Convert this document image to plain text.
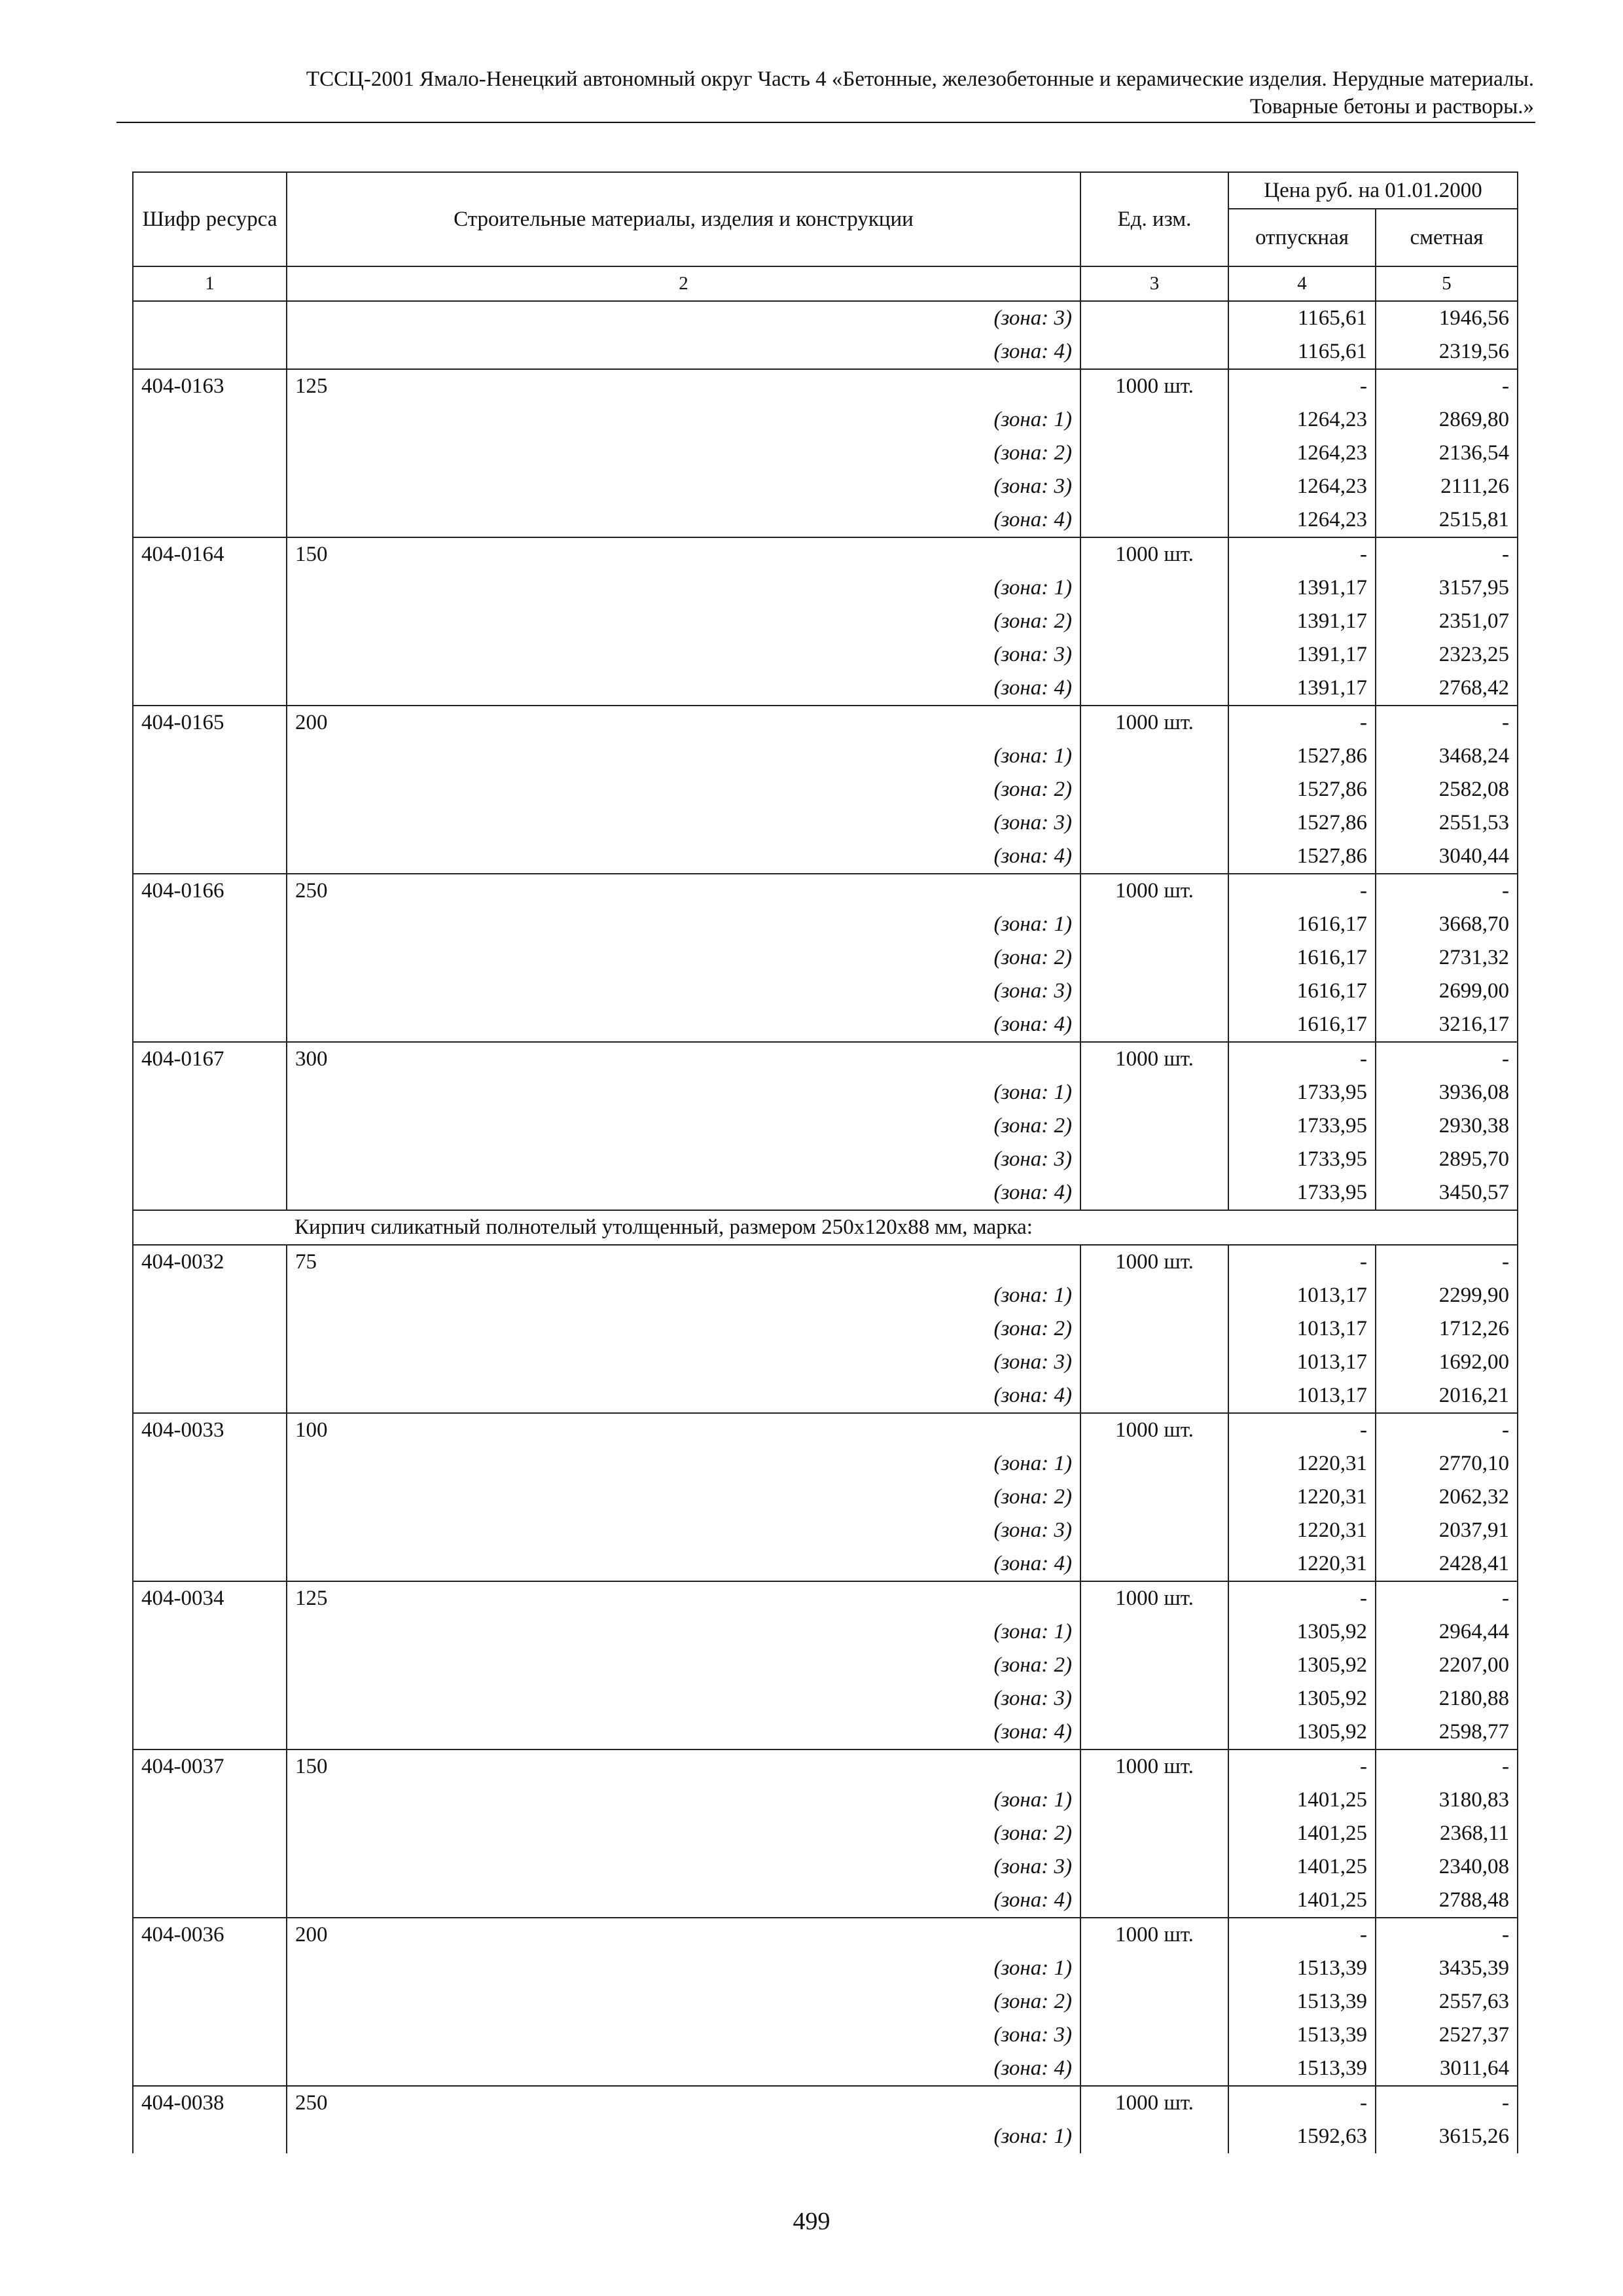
ТССЦ-2001 Ямало-Ненецкий автономный округ Часть 4 «Бетонные, железобетонные и керамические изделия. Нерудные материалы.
Товарные бетоны и растворы.»
Шифр ресурса	Строительные материалы, изделия и конструкции	Ед. изм.	Цена руб. на 01.01.2000	
			отпускная	сметная
1	2	3	4	5
	(зона: 3)		1165,61	1946,56
	(зона: 4)		1165,61	2319,56
404-0163	125	1000 шт.	-	-
	(зона: 1)		1264,23	2869,80
	(зона: 2)		1264,23	2136,54
	(зона: 3)		1264,23	2111,26
	(зона: 4)		1264,23	2515,81
404-0164	150	1000 шт.	-	-
	(зона: 1)		1391,17	3157,95
	(зона: 2)		1391,17	2351,07
	(зона: 3)		1391,17	2323,25
	(зона: 4)		1391,17	2768,42
404-0165	200	1000 шт.	-	-
	(зона: 1)		1527,86	3468,24
	(зона: 2)		1527,86	2582,08
	(зона: 3)		1527,86	2551,53
	(зона: 4)		1527,86	3040,44
404-0166	250	1000 шт.	-	-
	(зона: 1)		1616,17	3668,70
	(зона: 2)		1616,17	2731,32
	(зона: 3)		1616,17	2699,00
	(зона: 4)		1616,17	3216,17
404-0167	300	1000 шт.	-	-
	(зона: 1)		1733,95	3936,08
	(зона: 2)		1733,95	2930,38
	(зона: 3)		1733,95	2895,70
	(зона: 4)		1733,95	3450,57
Кирпич силикатный полнотелый утолщенный, размером 250х120х88 мм, марка:				
404-0032	75	1000 шт.	-	-
	(зона: 1)		1013,17	2299,90
	(зона: 2)		1013,17	1712,26
	(зона: 3)		1013,17	1692,00
	(зона: 4)		1013,17	2016,21
404-0033	100	1000 шт.	-	-
	(зона: 1)		1220,31	2770,10
	(зона: 2)		1220,31	2062,32
	(зона: 3)		1220,31	2037,91
	(зона: 4)		1220,31	2428,41
404-0034	125	1000 шт.	-	-
	(зона: 1)		1305,92	2964,44
	(зона: 2)		1305,92	2207,00
	(зона: 3)		1305,92	2180,88
	(зона: 4)		1305,92	2598,77
404-0037	150	1000 шт.	-	-
	(зона: 1)		1401,25	3180,83
	(зона: 2)		1401,25	2368,11
	(зона: 3)		1401,25	2340,08
	(зона: 4)		1401,25	2788,48
404-0036	200	1000 шт.	-	-
	(зона: 1)		1513,39	3435,39
	(зона: 2)		1513,39	2557,63
	(зона: 3)		1513,39	2527,37
	(зона: 4)		1513,39	3011,64
404-0038	250	1000 шт.	-	-
	(зона: 1)		1592,63	3615,26
499
